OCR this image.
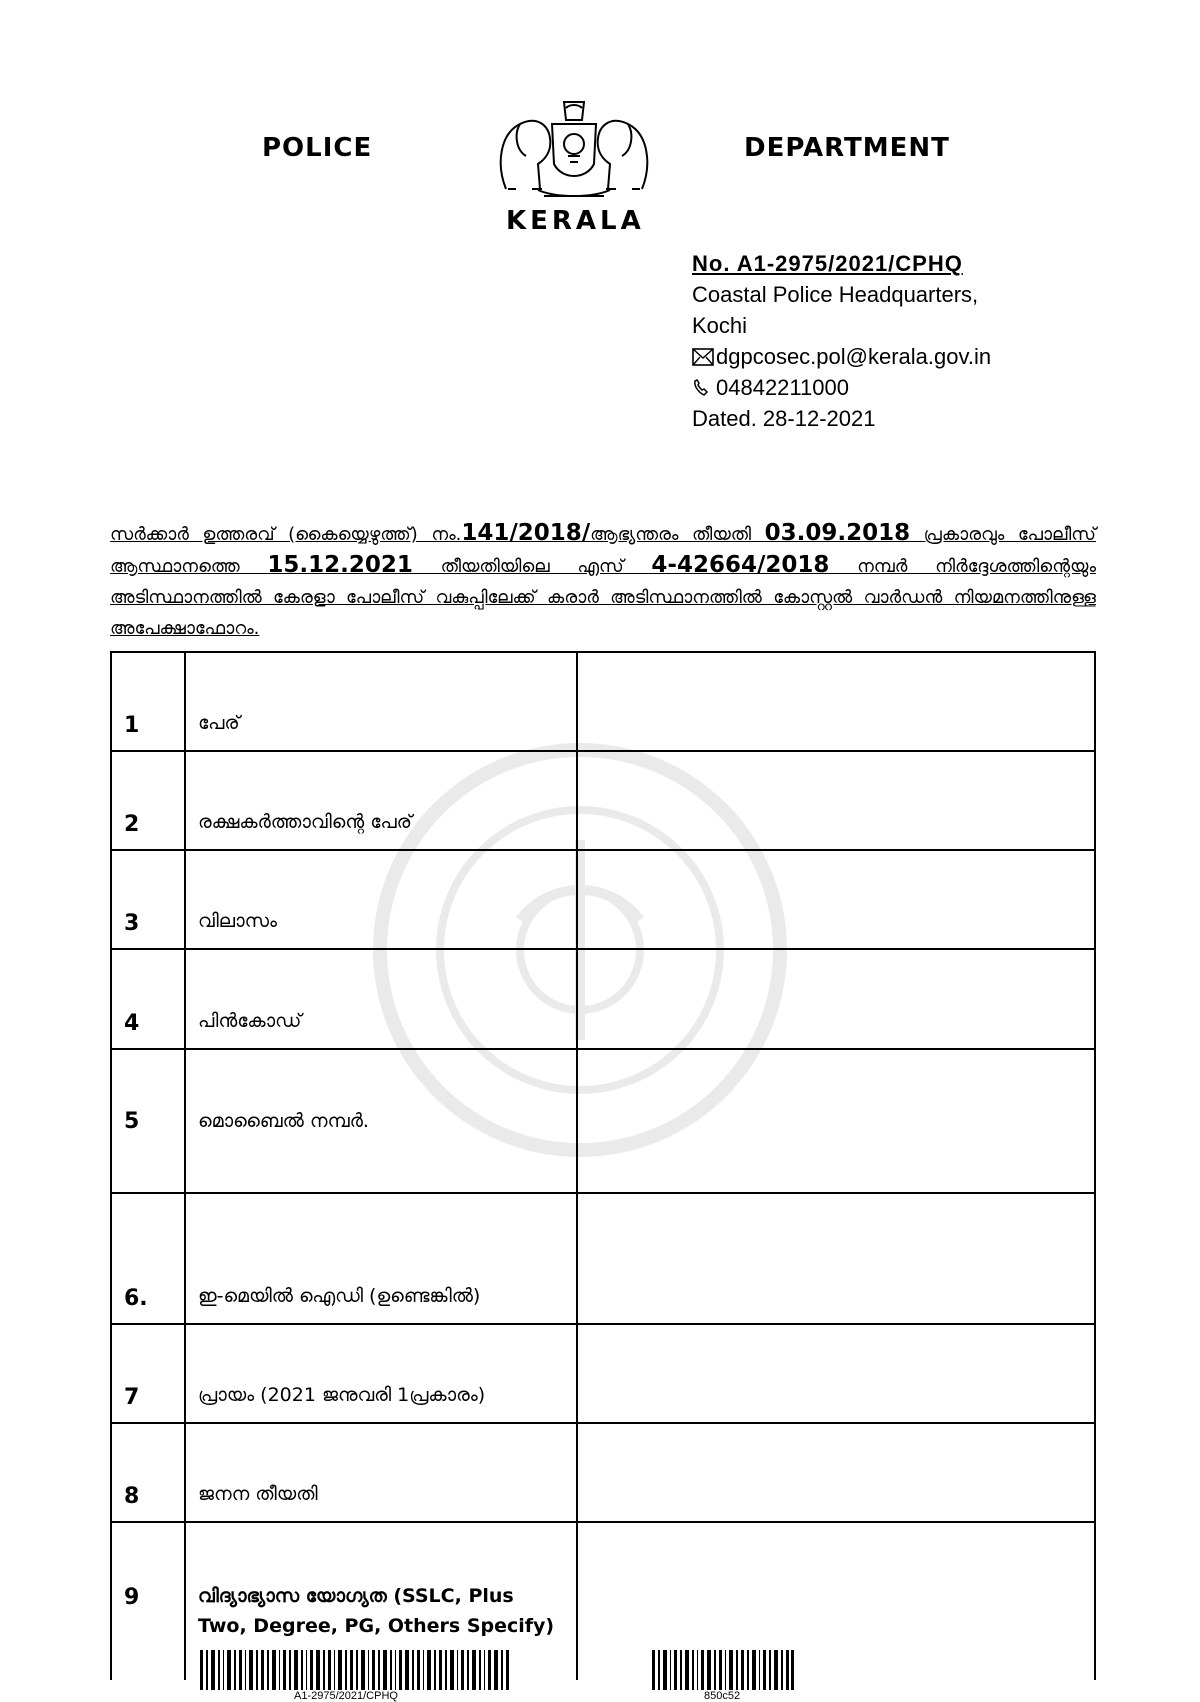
POLICE	DEPARTMENT
KERALA
No. A1-2975/2021/CPHQ
Coastal Police Headquarters,
Kochi
dgpcosec.pol@kerala.gov.in
04842211000
Dated. 28-12-2021
സർക്കാർ ഉത്തരവ് (കൈയ്യെഴുത്ത്) നം.141/2018/ആഭ്യന്തരം തീയതി 03.09.2018 പ്രകാരവും പോലീസ് ആസ്ഥാനത്തെ 15.12.2021 തീയതിയിലെ എസ് 4-42664/2018 നമ്പർ നിർദ്ദേശത്തിന്റെയും അടിസ്ഥാനത്തിൽ കേരളാ പോലീസ് വകുപ്പിലേക്ക് കരാർ അടിസ്ഥാനത്തിൽ കോസ്റ്റൽ വാർഡൻ നിയമനത്തിനുള്ള അപേക്ഷാഫോറം.
1	പേര്	
2	രക്ഷകർത്താവിന്റെ പേര്	
3	വിലാസം	
4	പിൻകോഡ്	
5	മൊബൈൽ നമ്പർ.	
6.	ഇ-മെയിൽ ഐഡി (ഉണ്ടെങ്കിൽ)	
7	പ്രായം (2021 ജനുവരി 1പ്രകാരം)	
8	ജനന തീയതി	
9	വിദ്യാഭ്യാസ യോഗ്യത (SSLC, Plus Two, Degree, PG, Others Specify)	
A1-2975/2021/CPHQ	850c52
